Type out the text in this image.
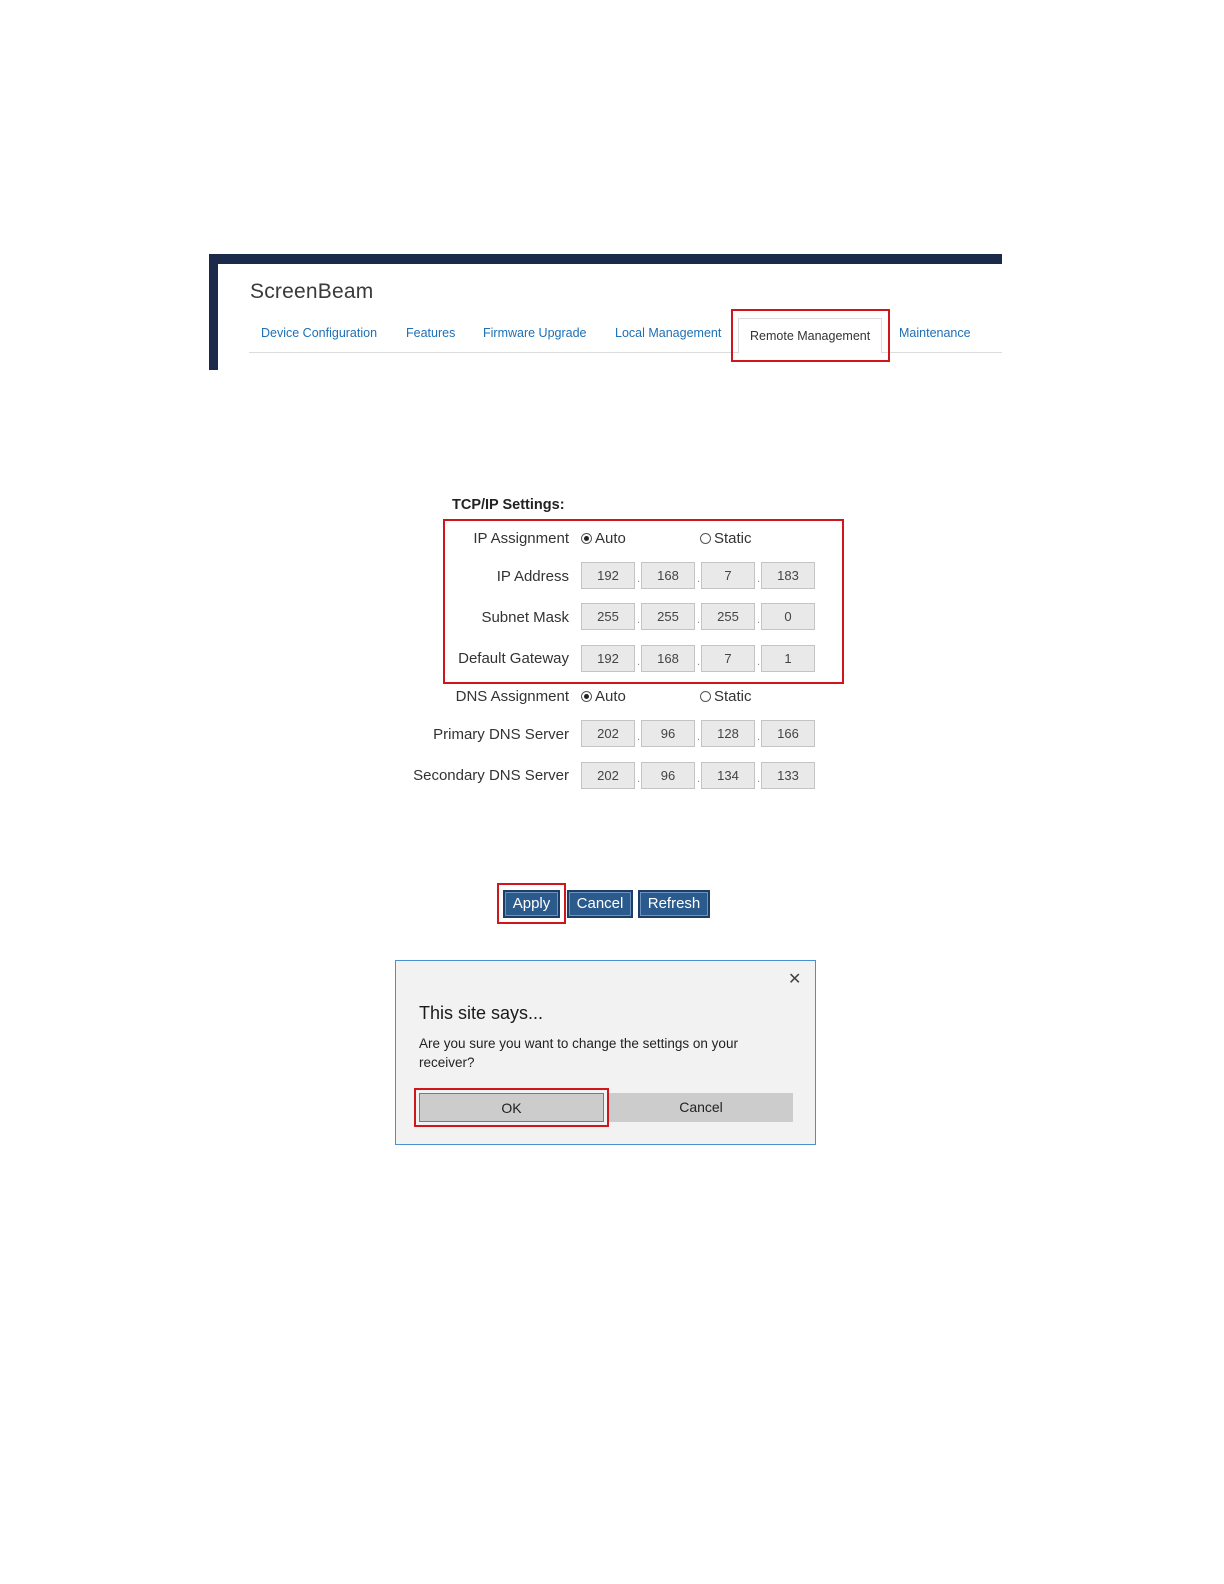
ScreenBeam
Device Configuration Features Firmware Upgrade Local Management	Remote Management	Maintenance
TCP/IP Settings:
IP Assignment Auto	Static
IP Address	192	.	168	.	7	.	183
Subnet Mask	255	.	255	.	255	.	0
Default Gateway	192	.	168	.	7	.	1
DNS Assignment Auto	Static
Primary DNS Server	202	.	96	.	128	.	166
Secondary DNS Server	202	.	96	.	134	.	133
Apply	Cancel	Refresh
✕
This site says...
Are you sure you want to change the settings on your receiver?
OK	Cancel
